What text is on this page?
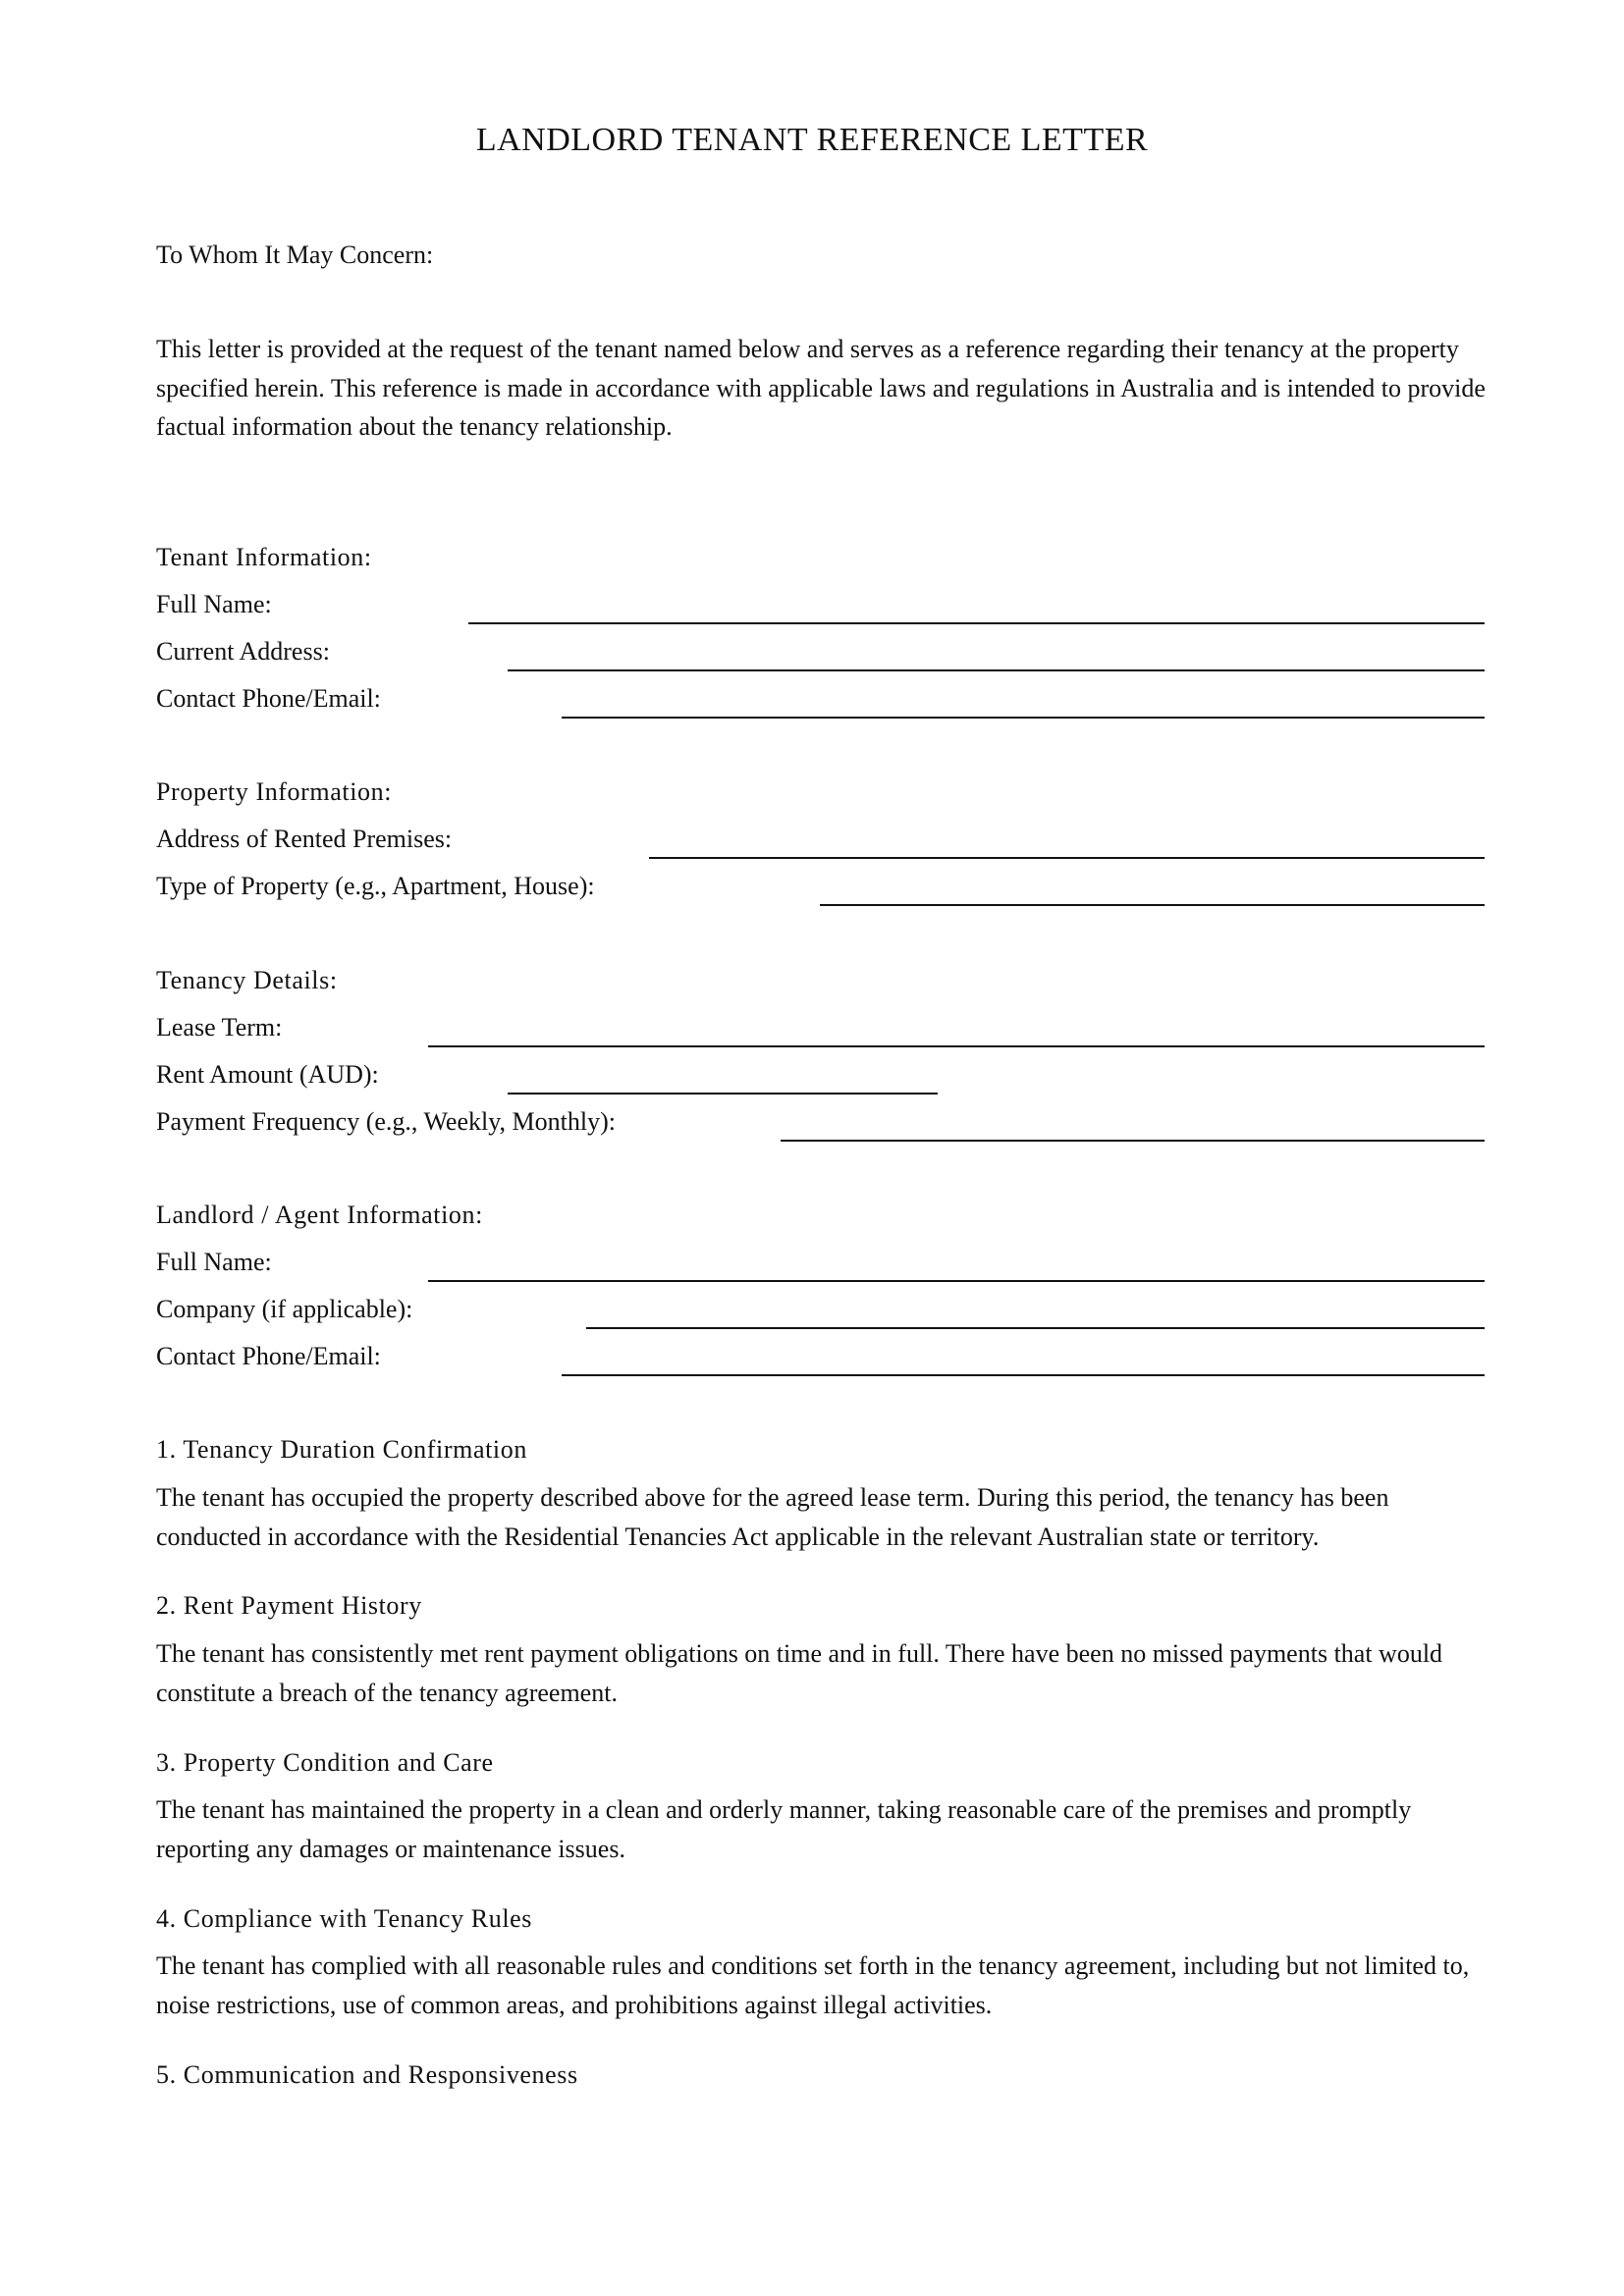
LANDLORD TENANT REFERENCE LETTER
To Whom It May Concern:
This letter is provided at the request of the tenant named below and serves as a reference regarding their tenancy at the property specified herein. This reference is made in accordance with applicable laws and regulations in Australia and is intended to provide factual information about the tenancy relationship.
Tenant Information:
Full Name:
Current Address:
Contact Phone/Email:
Property Information:
Address of Rented Premises:
Type of Property (e.g., Apartment, House):
Tenancy Details:
Lease Term:
Rent Amount (AUD):
Payment Frequency (e.g., Weekly, Monthly):
Landlord / Agent Information:
Full Name:
Company (if applicable):
Contact Phone/Email:
1. Tenancy Duration Confirmation
The tenant has occupied the property described above for the agreed lease term. During this period, the tenancy has been conducted in accordance with the Residential Tenancies Act applicable in the relevant Australian state or territory.
2. Rent Payment History
The tenant has consistently met rent payment obligations on time and in full. There have been no missed payments that would constitute a breach of the tenancy agreement.
3. Property Condition and Care
The tenant has maintained the property in a clean and orderly manner, taking reasonable care of the premises and promptly reporting any damages or maintenance issues.
4. Compliance with Tenancy Rules
The tenant has complied with all reasonable rules and conditions set forth in the tenancy agreement, including but not limited to, noise restrictions, use of common areas, and prohibitions against illegal activities.
5. Communication and Responsiveness
